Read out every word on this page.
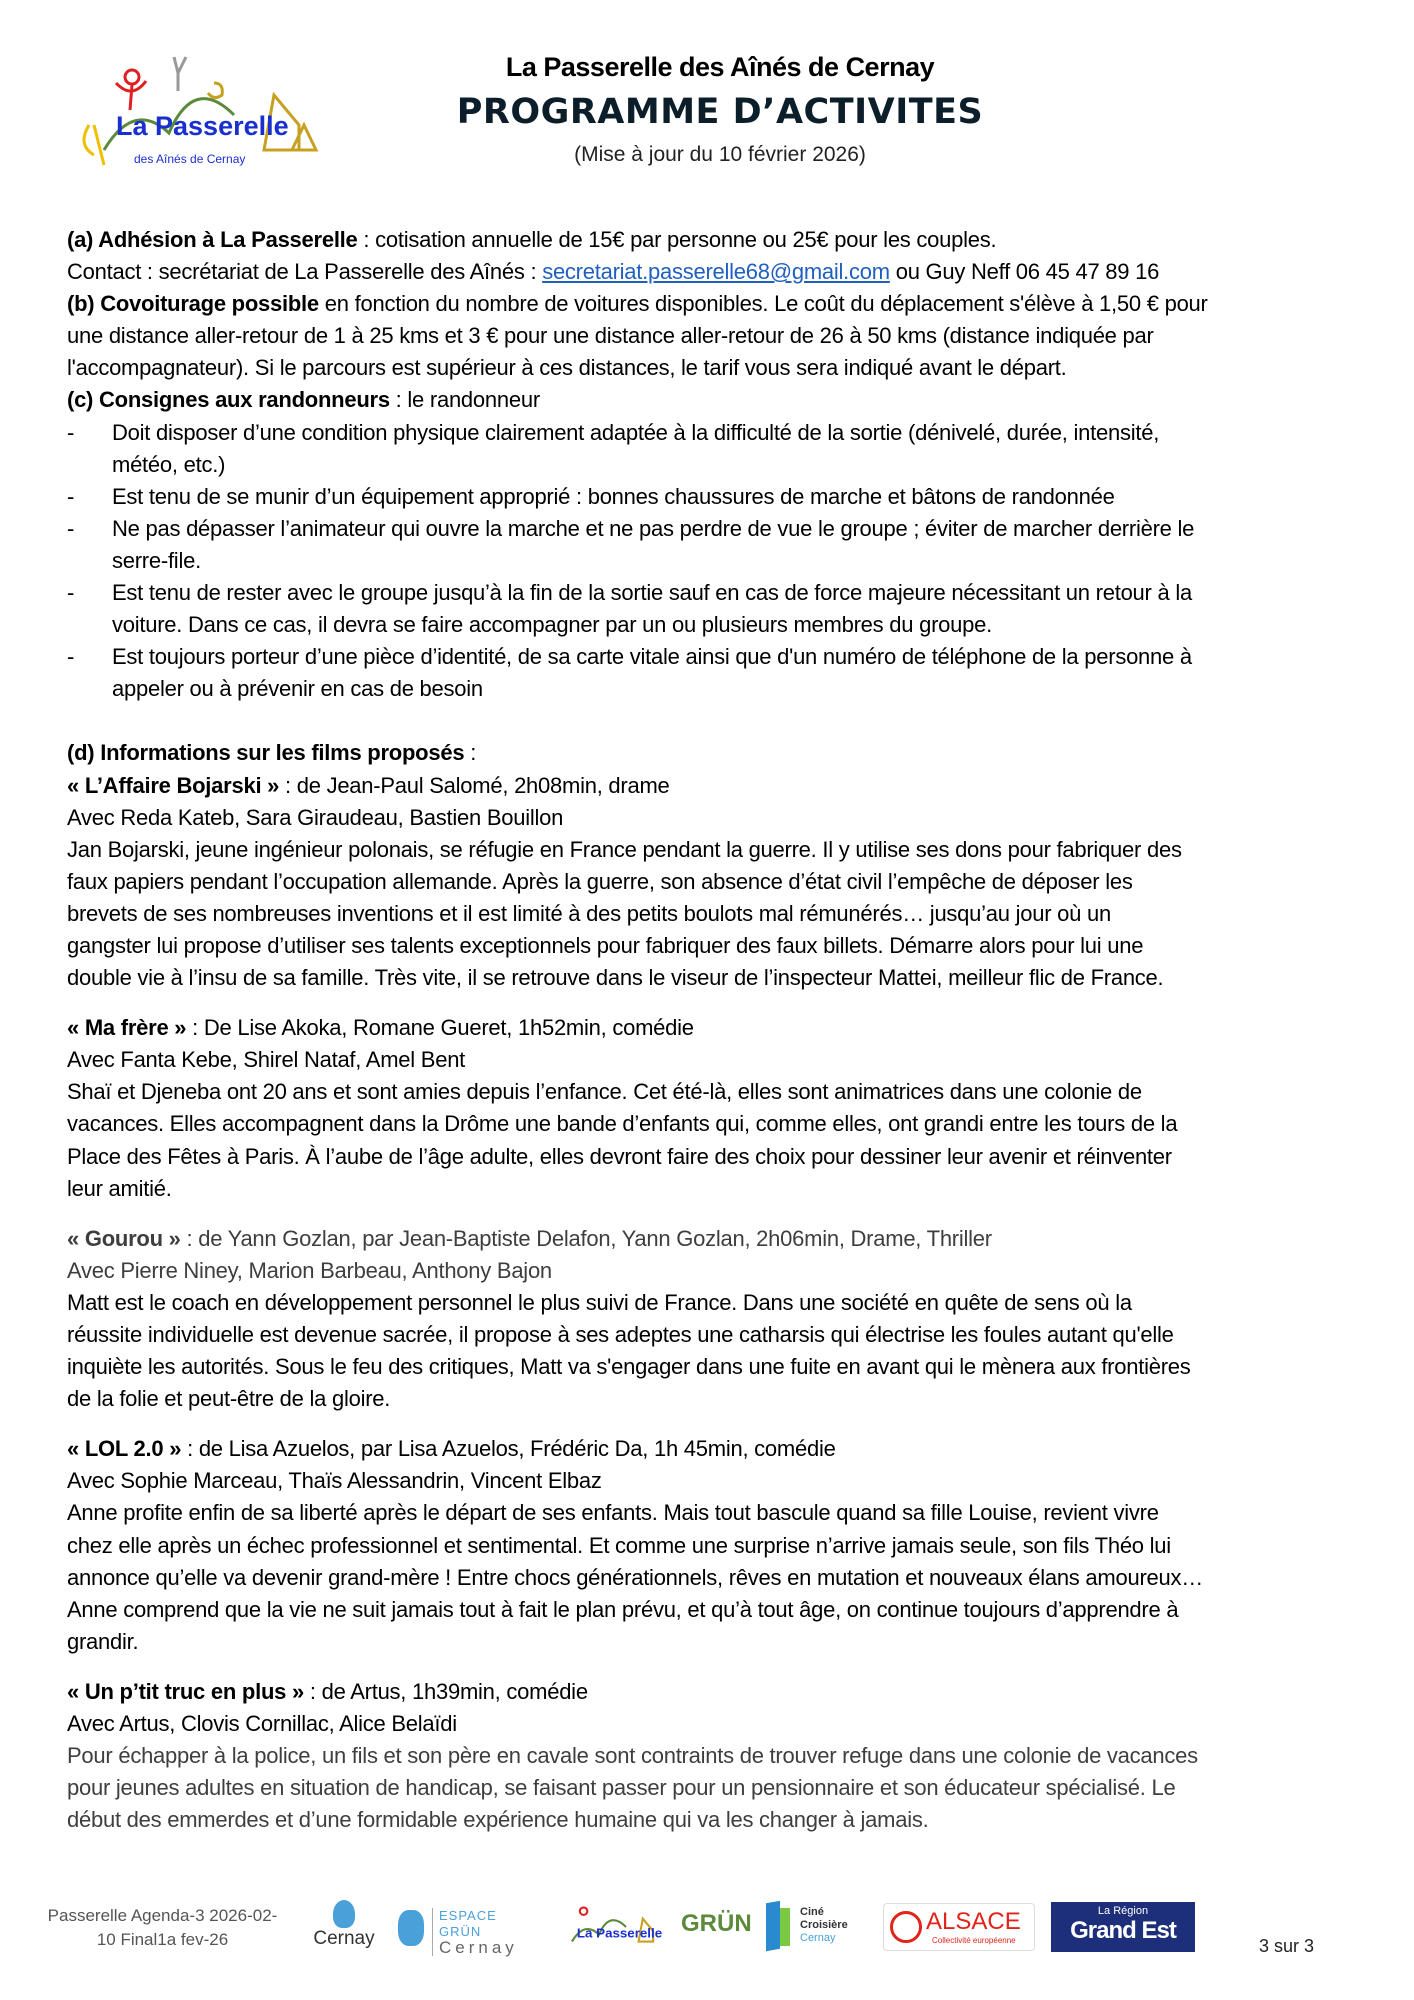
La Passerelle
des Aînés de Cernay
La Passerelle des Aînés de Cernay
PROGRAMME D’ACTIVITES
(Mise à jour du 10 février 2026)
(a) Adhésion à La Passerelle : cotisation annuelle de 15€ par personne ou 25€ pour les couples.
Contact : secrétariat de La Passerelle des Aînés : secretariat.passerelle68@gmail.com ou Guy Neff 06 45 47 89 16
(b) Covoiturage possible en fonction du nombre de voitures disponibles. Le coût du déplacement s'élève à 1,50 € pour
une distance aller-retour de 1 à 25 kms et 3 € pour une distance aller-retour de 26 à 50 kms (distance indiquée par
l'accompagnateur). Si le parcours est supérieur à ces distances, le tarif vous sera indiqué avant le départ.
(c) Consignes aux randonneurs : le randonneur
- Doit disposer d’une condition physique clairement adaptée à la difficulté de la sortie (dénivelé, durée, intensité,
météo, etc.)
- Est tenu de se munir d’un équipement approprié : bonnes chaussures de marche et bâtons de randonnée
- Ne pas dépasser l’animateur qui ouvre la marche et ne pas perdre de vue le groupe ; éviter de marcher derrière le
serre-file.
- Est tenu de rester avec le groupe jusqu’à la fin de la sortie sauf en cas de force majeure nécessitant un retour à la
voiture. Dans ce cas, il devra se faire accompagner par un ou plusieurs membres du groupe.
- Est toujours porteur d’une pièce d’identité, de sa carte vitale ainsi que d'un numéro de téléphone de la personne à
appeler ou à prévenir en cas de besoin
(d) Informations sur les films proposés :
« L’Affaire Bojarski » : de Jean-Paul Salomé, 2h08min, drame
Avec Reda Kateb, Sara Giraudeau, Bastien Bouillon
Jan Bojarski, jeune ingénieur polonais, se réfugie en France pendant la guerre. Il y utilise ses dons pour fabriquer des
faux papiers pendant l’occupation allemande. Après la guerre, son absence d’état civil l’empêche de déposer les
brevets de ses nombreuses inventions et il est limité à des petits boulots mal rémunérés… jusqu’au jour où un
gangster lui propose d’utiliser ses talents exceptionnels pour fabriquer des faux billets. Démarre alors pour lui une
double vie à l’insu de sa famille. Très vite, il se retrouve dans le viseur de l’inspecteur Mattei, meilleur flic de France.
« Ma frère » : De Lise Akoka, Romane Gueret, 1h52min, comédie
Avec Fanta Kebe, Shirel Nataf, Amel Bent
Shaï et Djeneba ont 20 ans et sont amies depuis l’enfance. Cet été-là, elles sont animatrices dans une colonie de
vacances. Elles accompagnent dans la Drôme une bande d’enfants qui, comme elles, ont grandi entre les tours de la
Place des Fêtes à Paris. À l’aube de l’âge adulte, elles devront faire des choix pour dessiner leur avenir et réinventer
leur amitié.
« Gourou » : de Yann Gozlan, par Jean-Baptiste Delafon, Yann Gozlan, 2h06min, Drame, Thriller
Avec Pierre Niney, Marion Barbeau, Anthony Bajon
Matt est le coach en développement personnel le plus suivi de France. Dans une société en quête de sens où la
réussite individuelle est devenue sacrée, il propose à ses adeptes une catharsis qui électrise les foules autant qu'elle
inquiète les autorités. Sous le feu des critiques, Matt va s'engager dans une fuite en avant qui le mènera aux frontières
de la folie et peut-être de la gloire.
« LOL 2.0 » : de Lisa Azuelos, par Lisa Azuelos, Frédéric Da, 1h 45min, comédie
Avec Sophie Marceau, Thaïs Alessandrin, Vincent Elbaz
Anne profite enfin de sa liberté après le départ de ses enfants. Mais tout bascule quand sa fille Louise, revient vivre
chez elle après un échec professionnel et sentimental. Et comme une surprise n’arrive jamais seule, son fils Théo lui
annonce qu’elle va devenir grand-mère ! Entre chocs générationnels, rêves en mutation et nouveaux élans amoureux…
Anne comprend que la vie ne suit jamais tout à fait le plan prévu, et qu’à tout âge, on continue toujours d’apprendre à
grandir.
« Un p’tit truc en plus » : de Artus, 1h39min, comédie
Avec Artus, Clovis Cornillac, Alice Belaïdi
Pour échapper à la police, un fils et son père en cavale sont contraints de trouver refuge dans une colonie de vacances
pour jeunes adultes en situation de handicap, se faisant passer pour un pensionnaire et son éducateur spécialisé. Le
début des emmerdes et d’une formidable expérience humaine qui va les changer à jamais.
Passerelle Agenda-3 2026-02-
10 Final1a fev-26	Cernay
ESPACE GRÜN
Cernay
La Passerelle GRÜN	Ciné
Croisière
Cernay
ALSACE
Collectivité européenne
La Région
Grand Est
3 sur 3
